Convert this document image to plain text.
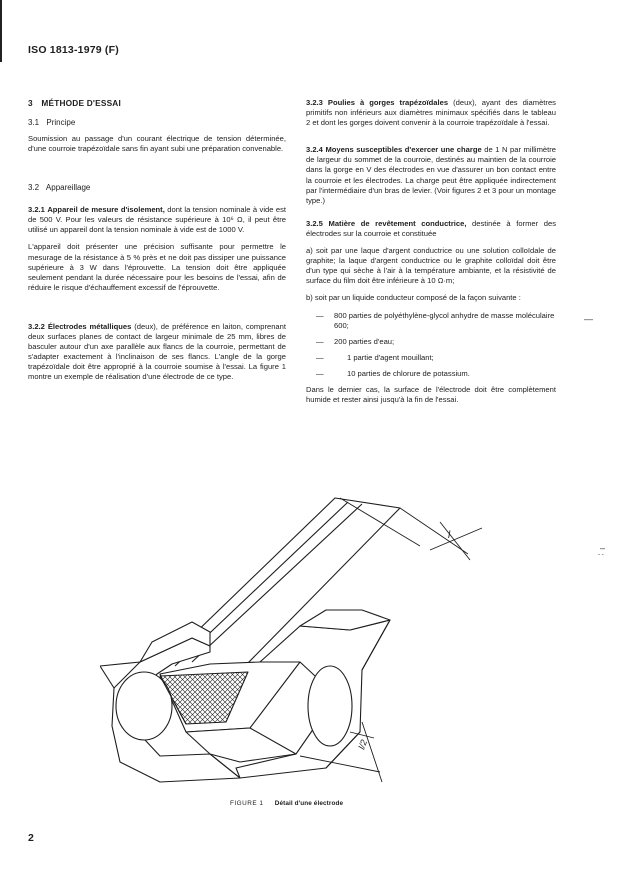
ISO 1813-1979 (F)
3 MÉTHODE D'ESSAI
3.1 Principe

Soumission au passage d'un courant électrique de tension déterminée, d'une courroie trapézoïdale sans fin ayant subi une préparation convenable.

3.2 Appareillage

3.2.1 Appareil de mesure d'isolement, dont la tension nominale à vide est de 500 V. Pour les valeurs de résistance supérieure à 10⁶ Ω, il peut être utilisé un appareil dont la tension nominale à vide est de 1000 V.

L'appareil doit présenter une précision suffisante pour permettre le mesurage de la résistance à 5 % près et ne doit pas dissiper une puissance supérieure à 3 W dans l'éprouvette. La tension doit être appliquée seulement pendant la durée nécessaire pour les besoins de l'essai, afin de réduire le risque d'échauffement excessif de l'éprouvette.

3.2.2 Électrodes métalliques (deux), de préférence en laiton, comprenant deux surfaces planes de contact de largeur minimale de 25 mm, libres de basculer autour d'un axe parallèle aux flancs de la courroie, permettant de s'adapter exactement à l'inclinaison de ses flancs. L'angle de la gorge trapézoïdale doit être approprié à la courroie soumise à l'essai. La figure 1 montre un exemple de réalisation d'une électrode de ce type.

3.2.3 Poulies à gorges trapézoïdales (deux), ayant des diamètres primitifs non inférieurs aux diamètres minimaux spécifiés dans le tableau 2 et dont les gorges doivent convenir à la courroie trapézoïdale à l'essai.

3.2.4 Moyens susceptibles d'exercer une charge de 1 N par millimètre de largeur du sommet de la courroie, destinés au maintien de la courroie dans la gorge en V des électrodes en vue d'assurer un bon contact entre la courroie et les électrodes. La charge peut être appliquée indirectement par l'intermédiaire d'un bras de levier. (Voir figures 2 et 3 pour un montage type.)

3.2.5 Matière de revêtement conductrice, destinée à former des électrodes sur la courroie et constituée

a) soit par une laque d'argent conductrice ou une solution colloïdale de graphite; la laque d'argent conductrice ou le graphite colloïdal doit être d'un type qui sèche à l'air à la température ambiante, et la résistivité de surface du film doit être inférieure à 10 Ω·m;
b) soit par un liquide conducteur composé de la façon suivante :
—	800 parties de polyéthylène-glycol anhydre de masse moléculaire 600;
—	200 parties d'eau;
—	1 partie d'agent mouillant;
—	10 parties de chlorure de potassium.

Dans le dernier cas, la surface de l'électrode doit être complètement humide et rester ainsi jusqu'à la fin de l'essai.

—
–
- -
l
l/2
FIGURE 1 Détail d'une électrode
2
